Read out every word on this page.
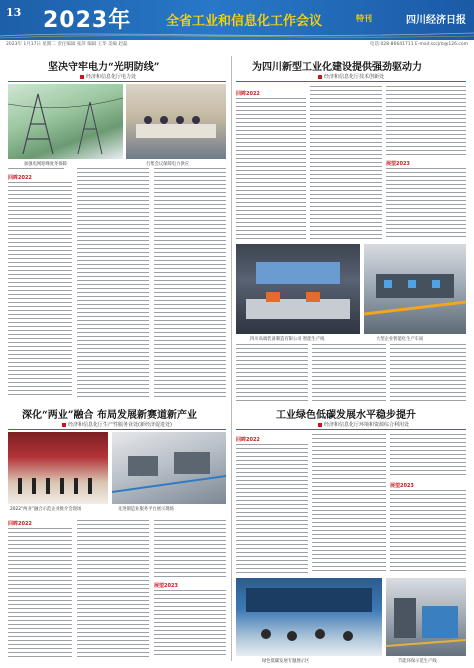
13 2023年	全省工业和信息化工作会议	特刊	四川经济日报
2023年 1月17日 星期二 责任编辑 张萍 编辑 王华 美编 赵磊	电话:028-86641711 E-mail:sccjrb@126.com
坚决守牢电力“光明防线”
经济和信息化厅电力处
加强电网迎峰度冬保障	召集会议保障电力供应
回眸2022
为四川新型工业化建设提供强劲驱动力
经济和信息化厅技术创新处
回眸2022
展望2023
四川高端装备制造有限公司 智能生产线	大型企业智能化生产车间
深化“两业”融合 布局发展新赛道新产业
经济和信息化厅生产性服务业处(新经济促进处)
2022“两业”融合示范企业推介会现场	先进制造业服务平台展示现场
回眸2022
展望2023
工业绿色低碳发展水平稳步提升
经济和信息化厅环境和资源综合利用处
回眸2022
展望2023
绿色低碳发展专题展示区	节能环保示范生产线
